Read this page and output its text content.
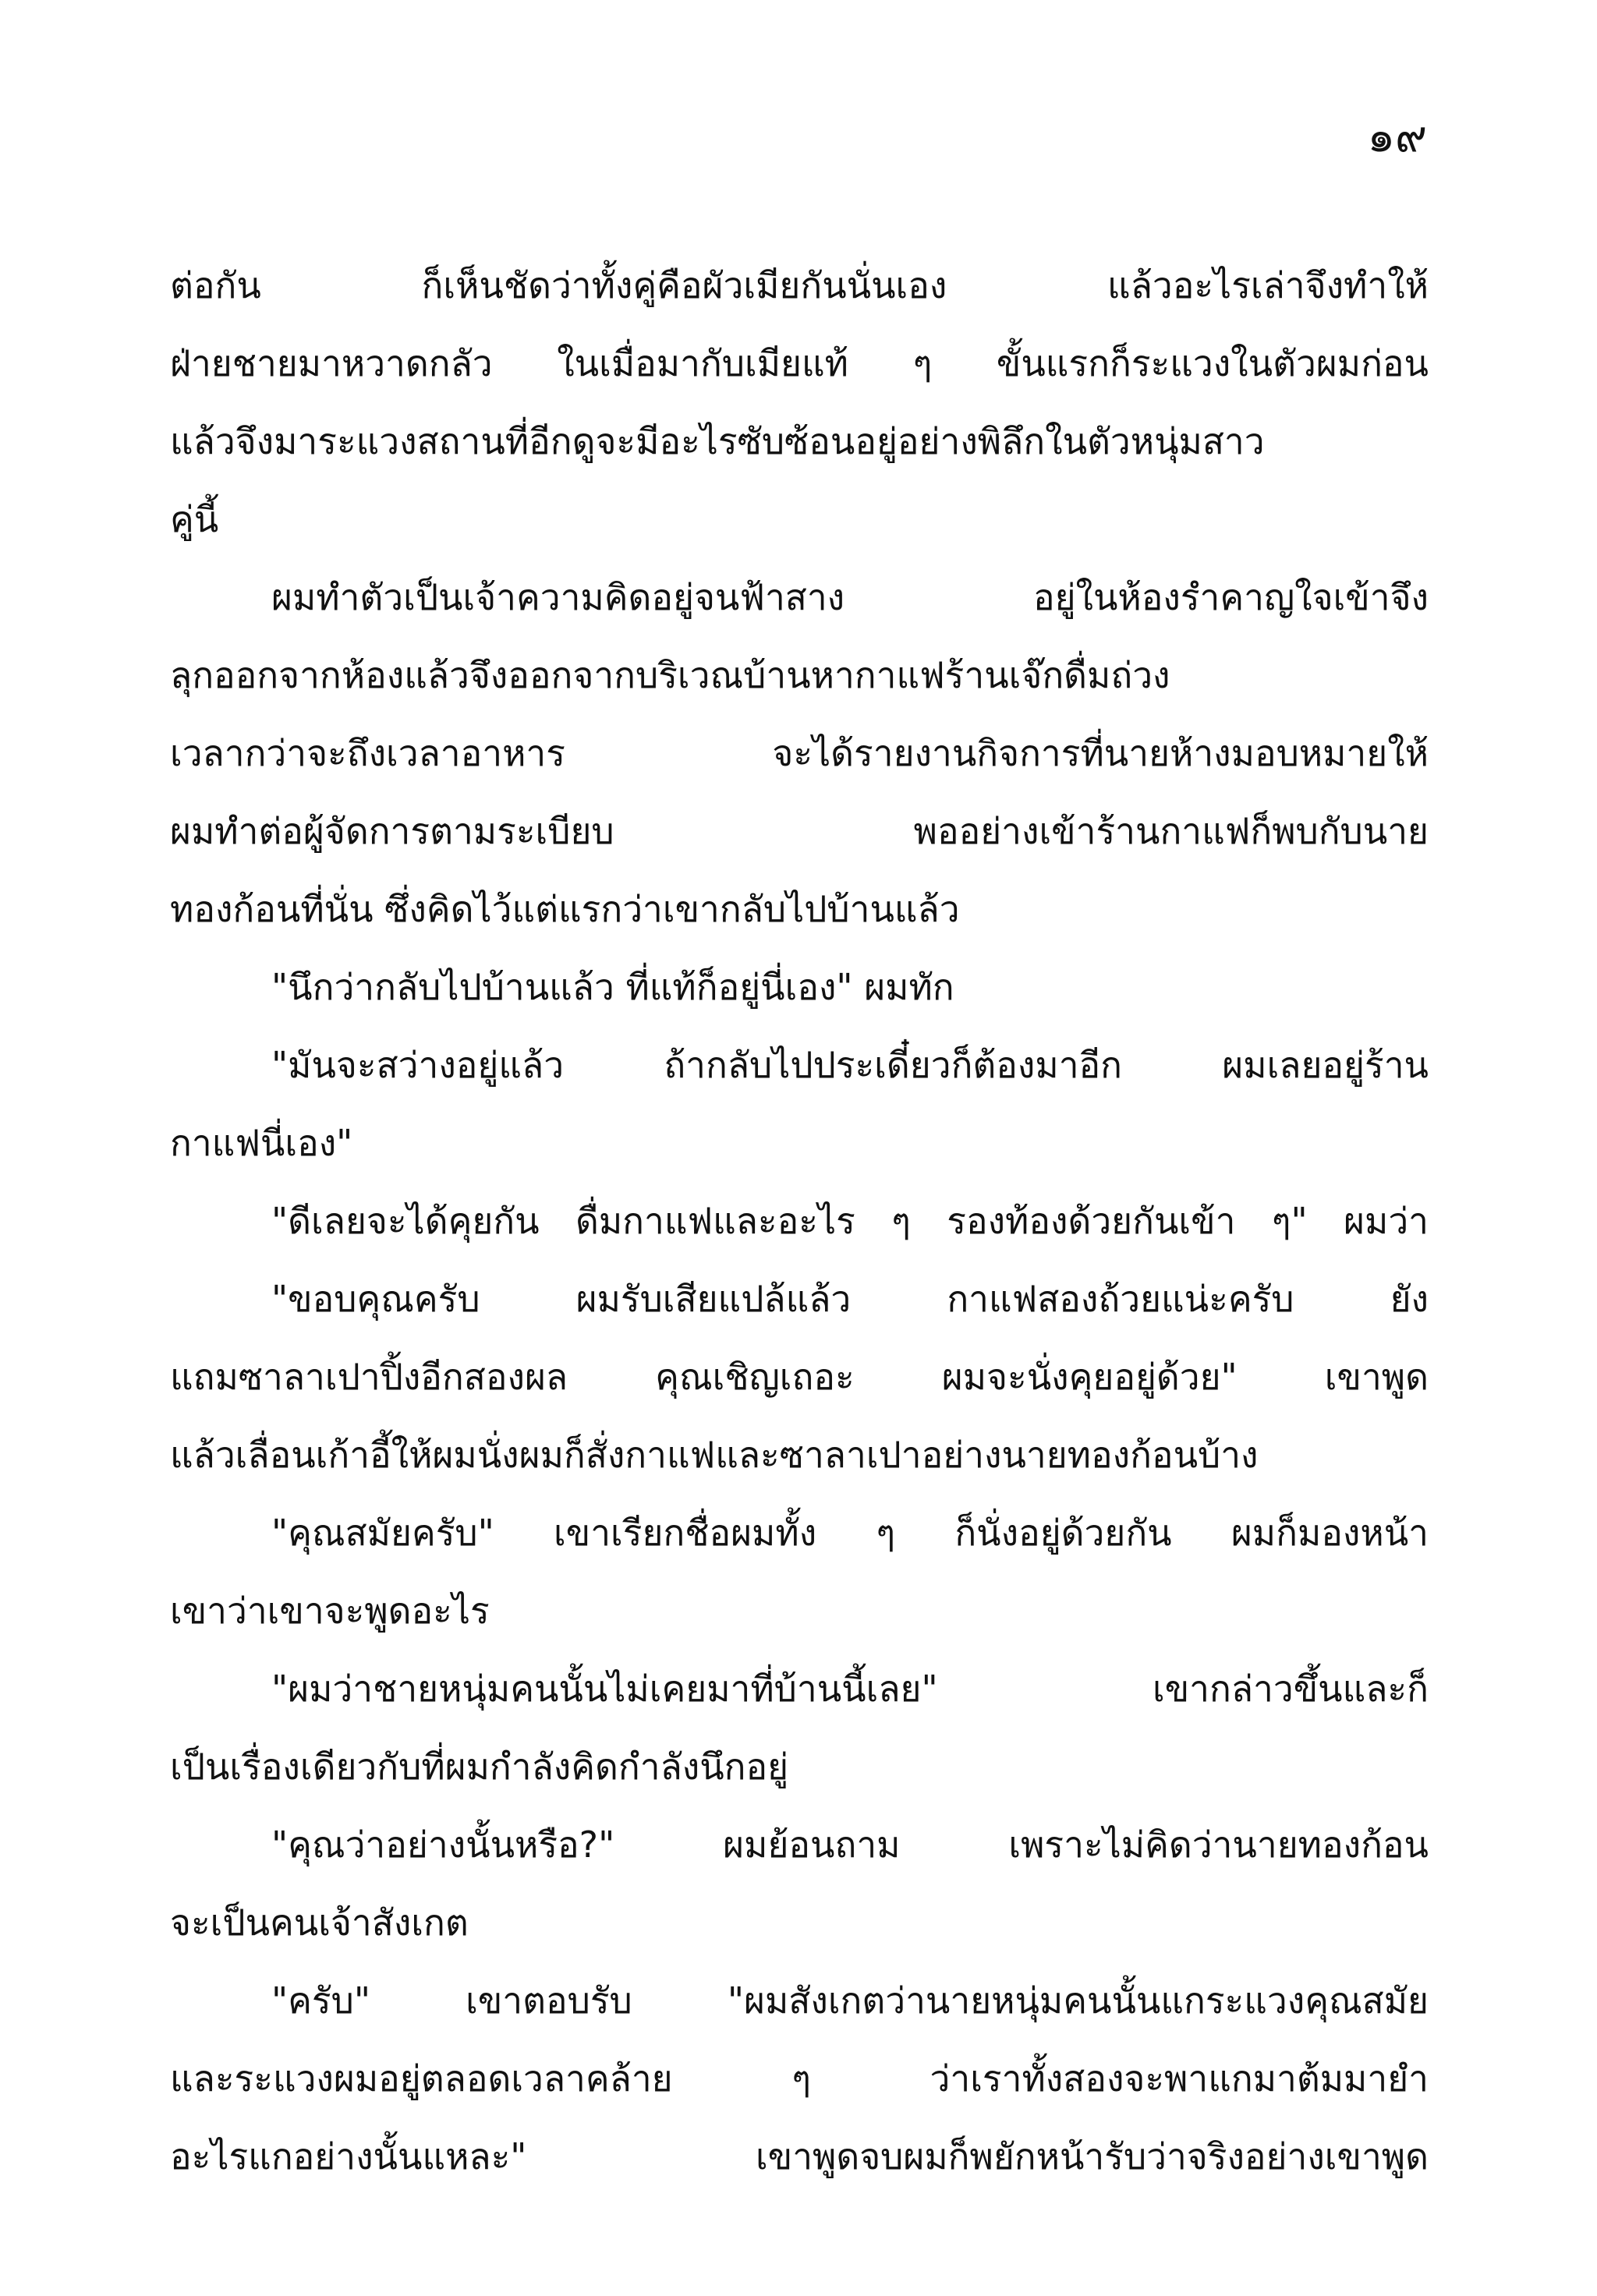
๑๙
ต่อกัน ก็เห็นชัดว่าทั้งคู่คือผัวเมียกันนั่นเอง แล้วอะไรเล่าจึงทำให้
ฝ่ายชายมาหวาดกลัว ในเมื่อมากับเมียแท้ ๆ ขั้นแรกก็ระแวงในตัวผมก่อน
แล้วจึงมาระแวงสถานที่อีกดูจะมีอะไรซับซ้อนอยู่อย่างพิลึกในตัวหนุ่มสาว
คู่นี้
ผมทำตัวเป็นเจ้าความคิดอยู่จนฟ้าสาง อยู่ในห้องรำคาญใจเข้าจึง
ลุกออกจากห้องแล้วจึงออกจากบริเวณบ้านหากาแฟร้านเจ๊กดื่มถ่วง
เวลากว่าจะถึงเวลาอาหาร จะได้รายงานกิจการที่นายห้างมอบหมายให้
ผมทำต่อผู้จัดการตามระเบียบ พออย่างเข้าร้านกาแฟก็พบกับนาย
ทองก้อนที่นั่น ซึ่งคิดไว้แต่แรกว่าเขากลับไปบ้านแล้ว
"นึกว่ากลับไปบ้านแล้ว ที่แท้ก็อยู่นี่เอง" ผมทัก
"มันจะสว่างอยู่แล้ว ถ้ากลับไปประเดี๋ยวก็ต้องมาอีก ผมเลยอยู่ร้าน
กาแฟนี่เอง"
"ดีเลยจะได้คุยกัน ดื่มกาแฟและอะไร ๆ รองท้องด้วยกันเข้า ๆ" ผมว่า
"ขอบคุณครับ ผมรับเสียแปล้แล้ว กาแฟสองถ้วยแน่ะครับ ยัง
แถมซาลาเปาปิ้งอีกสองผล คุณเชิญเถอะ ผมจะนั่งคุยอยู่ด้วย" เขาพูด
แล้วเลื่อนเก้าอี้ให้ผมนั่งผมก็สั่งกาแฟและซาลาเปาอย่างนายทองก้อนบ้าง
"คุณสมัยครับ" เขาเรียกชื่อผมทั้ง ๆ ก็นั่งอยู่ด้วยกัน ผมก็มองหน้า
เขาว่าเขาจะพูดอะไร
"ผมว่าชายหนุ่มคนนั้นไม่เคยมาที่บ้านนี้เลย" เขากล่าวขึ้นและก็
เป็นเรื่องเดียวกับที่ผมกำลังคิดกำลังนึกอยู่
"คุณว่าอย่างนั้นหรือ?" ผมย้อนถาม เพราะไม่คิดว่านายทองก้อน
จะเป็นคนเจ้าสังเกต
"ครับ" เขาตอบรับ "ผมสังเกตว่านายหนุ่มคนนั้นแกระแวงคุณสมัย
และระแวงผมอยู่ตลอดเวลาคล้าย ๆ ว่าเราทั้งสองจะพาแกมาต้มมายำ
อะไรแกอย่างนั้นแหละ" เขาพูดจบผมก็พยักหน้ารับว่าจริงอย่างเขาพูด
